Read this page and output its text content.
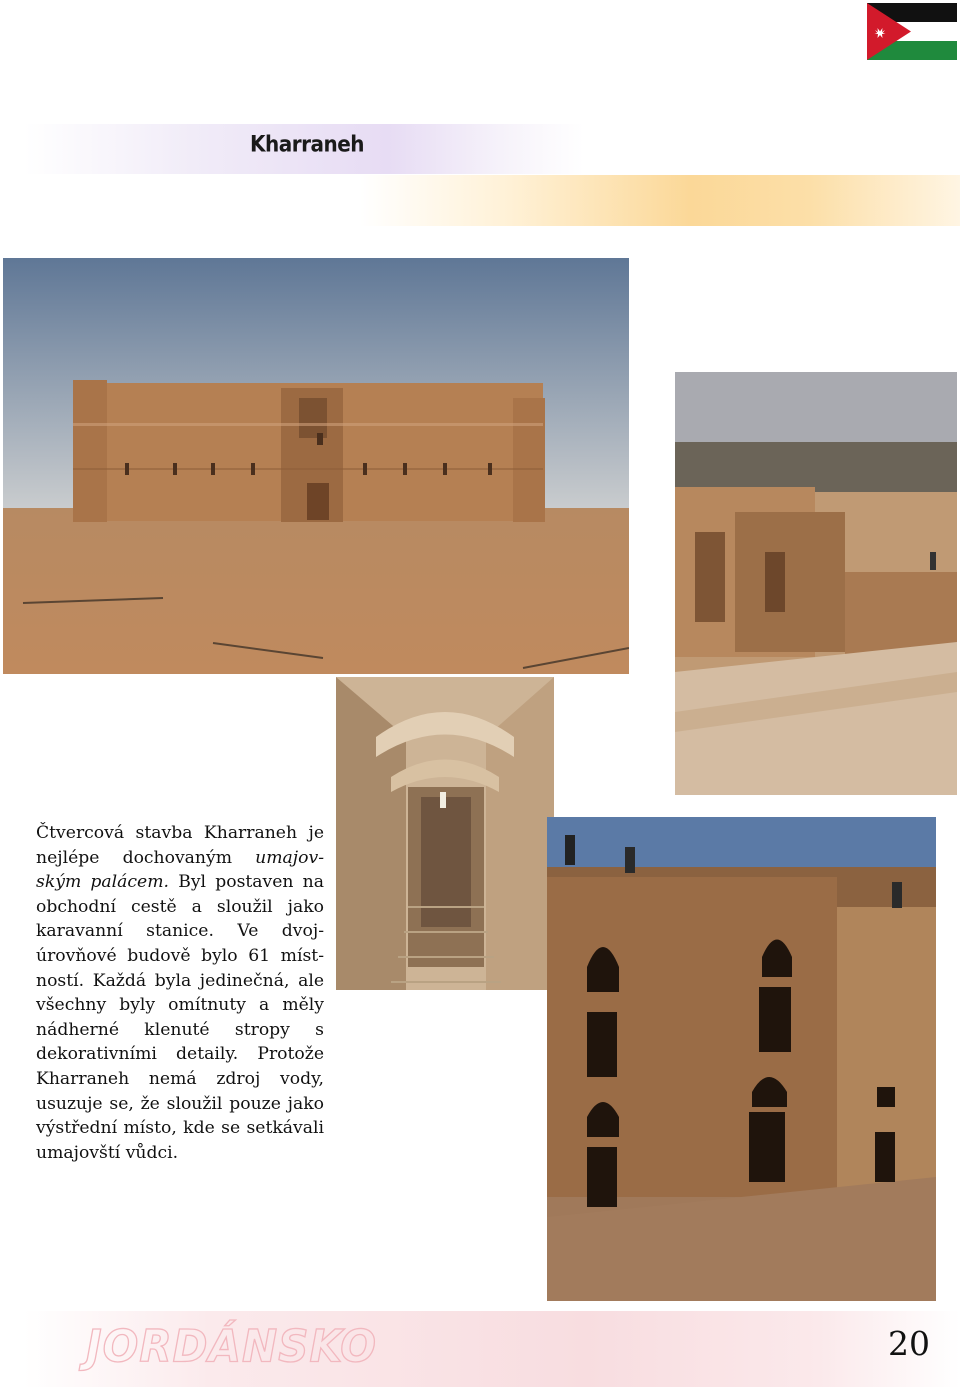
Kharraneh

Čtvercová stavba Kharraneh je nejlépe dochovaným umajovským palácem. Byl postaven na obchodní cestě a sloužil jako karavanní stanice. Ve dvojúrovňové budově bylo 61 místností. Každá byla jedinečná, ale všechny byly omítnuty a měly nádherné klenuté stropy s dekorativními detaily. Protože Kharraneh nemá zdroj vody, usuzuje se, že sloužil pouze jako výstřední místo, kde se setkávali umajovští vůdci.

JORDÁNSKO	20
